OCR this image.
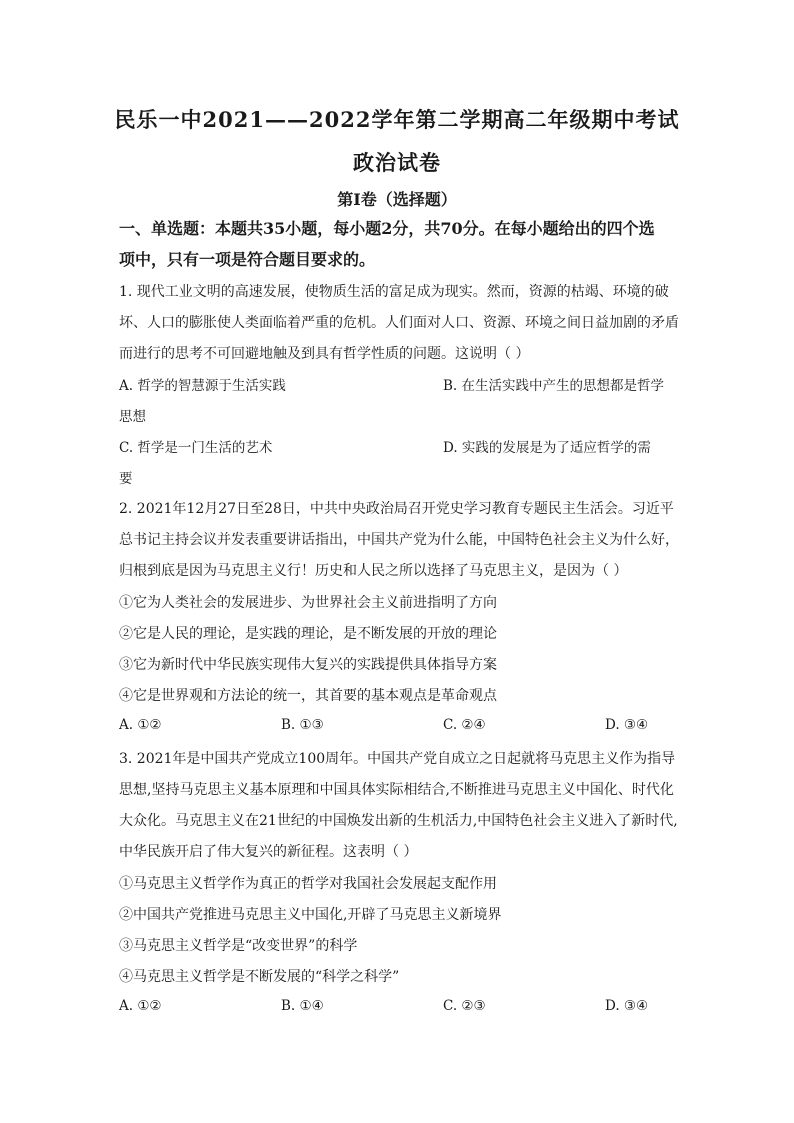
民乐一中2021——2022学年第二学期高二年级期中考试
政治试卷
第I卷（选择题）
一、单选题：本题共35小题，每小题2分，共70分。在每小题给出的四个选
项中，只有一项是符合题目要求的。
1. 现代工业文明的高速发展，使物质生活的富足成为现实。然而，资源的枯竭、环境的破
坏、人口的膨胀使人类面临着严重的危机。人们面对人口、资源、环境之间日益加剧的矛盾
而进行的思考不可回避地触及到具有哲学性质的问题。这说明（ ）
A. 哲学的智慧源于生活实践	B. 在生活实践中产生的思想都是哲学
思想
C. 哲学是一门生活的艺术	D. 实践的发展是为了适应哲学的需
要
2. 2021年12月27日至28日，中共中央政治局召开党史学习教育专题民主生活会。习近平
总书记主持会议并发表重要讲话指出，中国共产党为什么能，中国特色社会主义为什么好，
归根到底是因为马克思主义行！历史和人民之所以选择了马克思主义，是因为（ ）
①它为人类社会的发展进步、为世界社会主义前进指明了方向
②它是人民的理论，是实践的理论，是不断发展的开放的理论
③它为新时代中华民族实现伟大复兴的实践提供具体指导方案
④它是世界观和方法论的统一，其首要的基本观点是革命观点
A. ①②	B. ①③	C. ②④	D. ③④
3. 2021年是中国共产党成立100周年。中国共产党自成立之日起就将马克思主义作为指导
思想,坚持马克思主义基本原理和中国具体实际相结合,不断推进马克思主义中国化、时代化
大众化。马克思主义在21世纪的中国焕发出新的生机活力,中国特色社会主义进入了新时代,
中华民族开启了伟大复兴的新征程。这表明（ ）
①马克思主义哲学作为真正的哲学对我国社会发展起支配作用
②中国共产党推进马克思主义中国化,开辟了马克思主义新境界
③马克思主义哲学是“改变世界”的科学
④马克思主义哲学是不断发展的“科学之科学”
A. ①②	B. ①④	C. ②③	D. ③④
